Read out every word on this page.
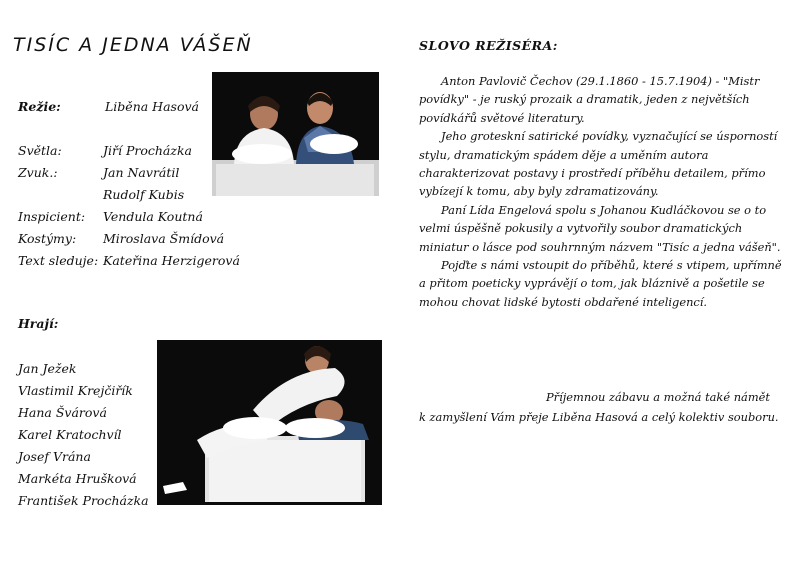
TISÍC A JEDNA VÁŠEŇ
Režie:	Liběna Hasová
Světla:	Jiří Procházka
Zvuk.:	Jan Navrátil
Rudolf Kubis
Inspicient:	Vendula Koutná
Kostýmy:	Miroslava Šmídová
Text sleduje: Kateřina Herzigerová
Hrají:
Jan Ježek
Vlastimil Krejčiřík
Hana Švárová
Karel Kratochvíl
Josef Vrána
Markéta Hrušková
František Procházka
SLOVO REŽISÉRA:

Anton Pavlovič Čechov (29.1.1860 - 15.7.1904) - "Mistr povídky" - je ruský prozaik a dramatik, jeden z největších povídkářů světové literatury.

Jeho groteskní satirické povídky, vyznačující se úsporností stylu, dramatickým spádem děje a uměním autora charakterizovat postavy i prostředí příběhu detailem, přímo vybízejí k tomu, aby byly zdramatizovány.

Paní Lída Engelová spolu s Johanou Kudláčkovou se o to velmi úspěšně pokusily a vytvořily soubor dramatických miniatur o lásce pod souhrnným názvem "Tisíc a jedna vášeň".

Pojďte s námi vstoupit do příběhů, které s vtipem, upřímně a přitom poeticky vyprávějí o tom, jak bláznivě a pošetile se mohou chovat lidské bytosti obdařené inteligencí.

Příjemnou zábavu a možná také námět
k zamyšlení Vám přeje Liběna Hasová a celý kolektiv souboru.
